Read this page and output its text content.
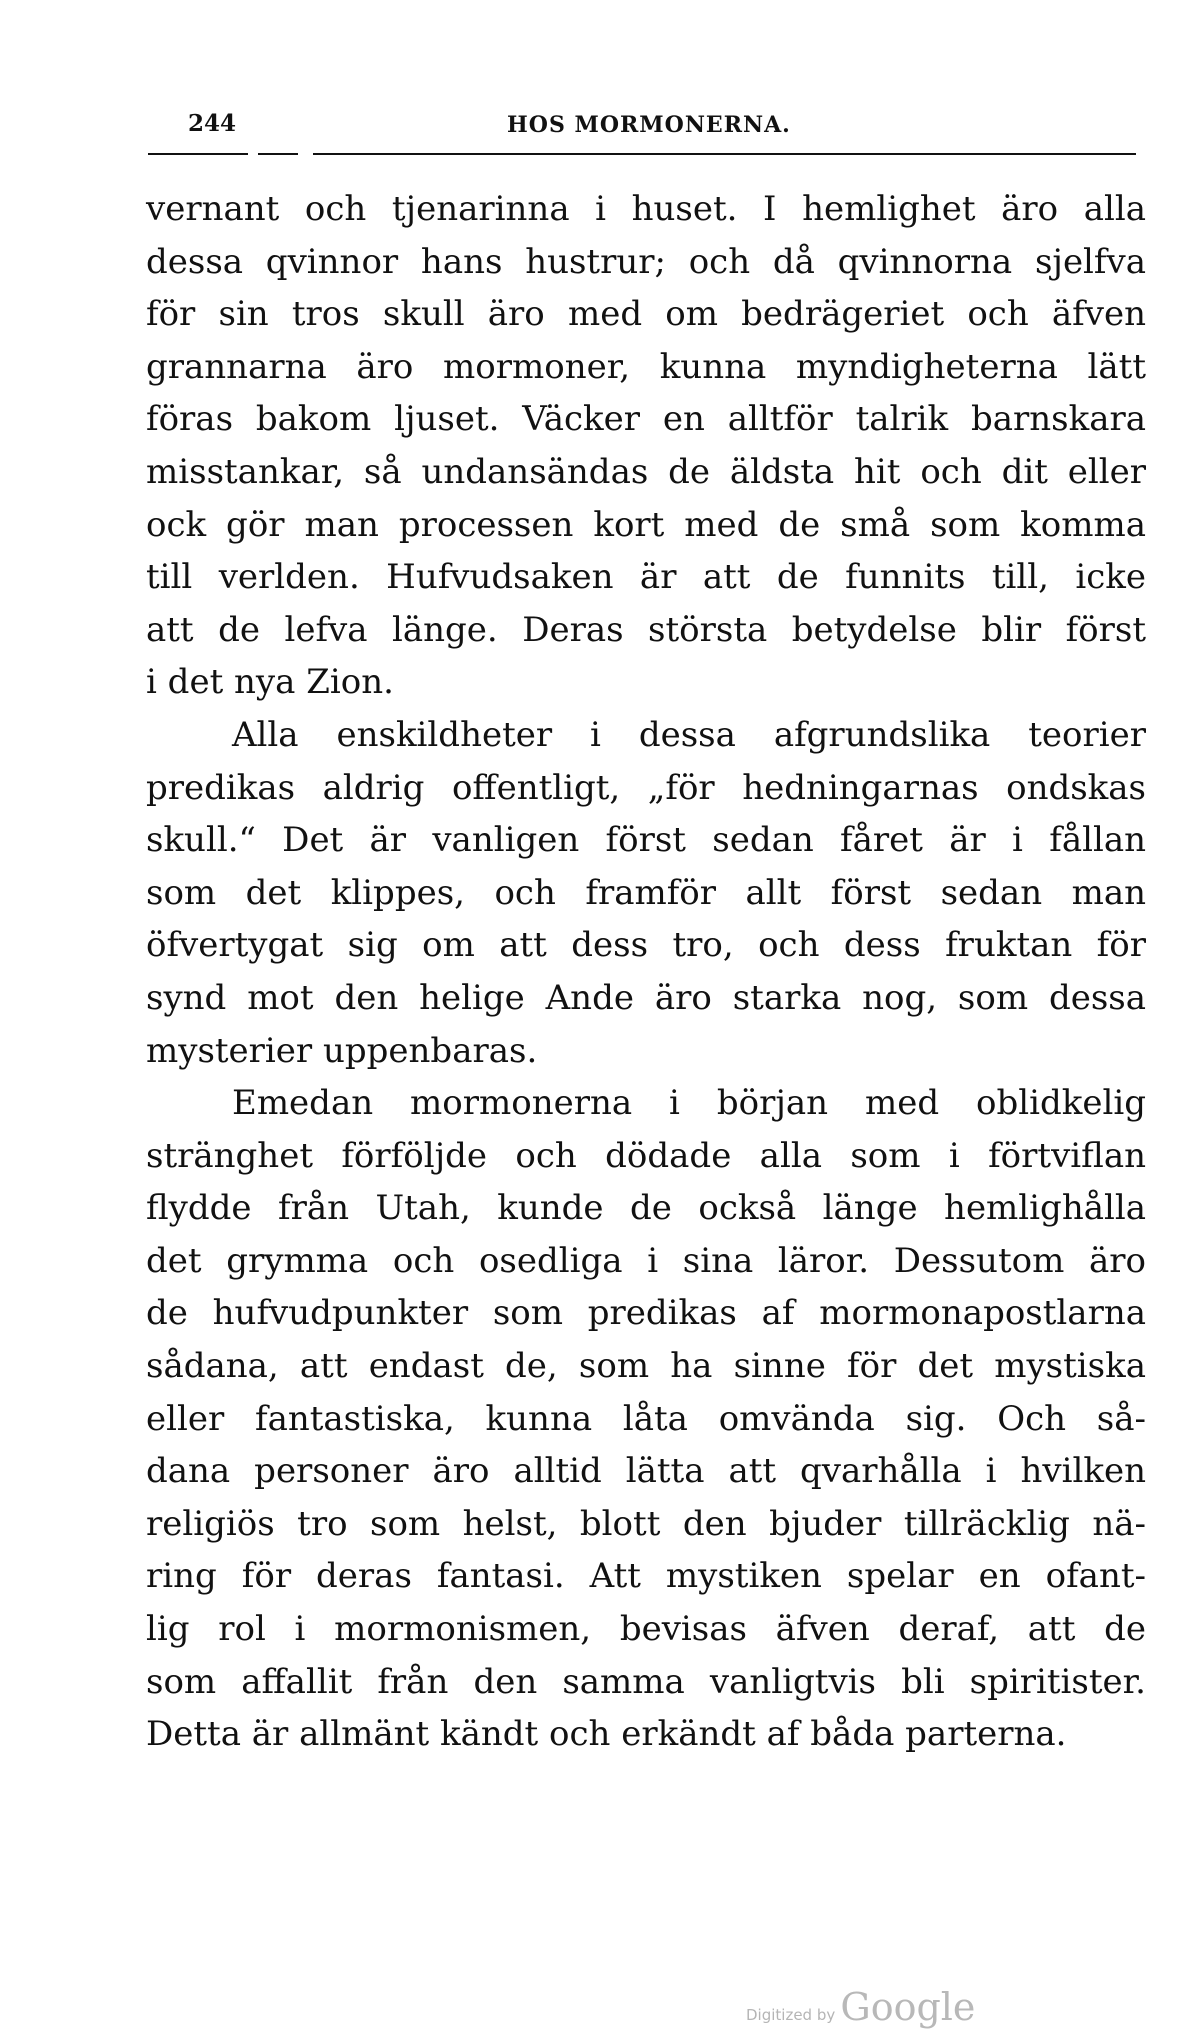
244	HOS MORMONERNA.
vernant och tjenarinna i huset. I hemlighet äro alla
dessa qvinnor hans hustrur; och då qvinnorna sjelfva
för sin tros skull äro med om bedrägeriet och äfven
grannarna äro mormoner, kunna myndigheterna lätt
föras bakom ljuset. Väcker en alltför talrik barnskara
misstankar, så undansändas de äldsta hit och dit eller
ock gör man processen kort med de små som komma
till verlden. Hufvudsaken är att de funnits till, icke
att de lefva länge. Deras största betydelse blir först
i det nya Zion.
Alla enskildheter i dessa afgrundslika teorier
predikas aldrig offentligt, „för hedningarnas ondskas
skull.“ Det är vanligen först sedan fåret är i fållan
som det klippes, och framför allt först sedan man
öfvertygat sig om att dess tro, och dess fruktan för
synd mot den helige Ande äro starka nog, som dessa
mysterier uppenbaras.
Emedan mormonerna i början med oblidkelig
stränghet förföljde och dödade alla som i förtviflan
flydde från Utah, kunde de också länge hemlighålla
det grymma och osedliga i sina läror. Dessutom äro
de hufvudpunkter som predikas af mormonapostlarna
sådana, att endast de, som ha sinne för det mystiska
eller fantastiska, kunna låta omvända sig. Och så-
dana personer äro alltid lätta att qvarhålla i hvilken
religiös tro som helst, blott den bjuder tillräcklig nä-
ring för deras fantasi. Att mystiken spelar en ofant-
lig rol i mormonismen, bevisas äfven deraf, att de
som affallit från den samma vanligtvis bli spiritister.
Detta är allmänt kändt och erkändt af båda parterna.
Digitized by Google
